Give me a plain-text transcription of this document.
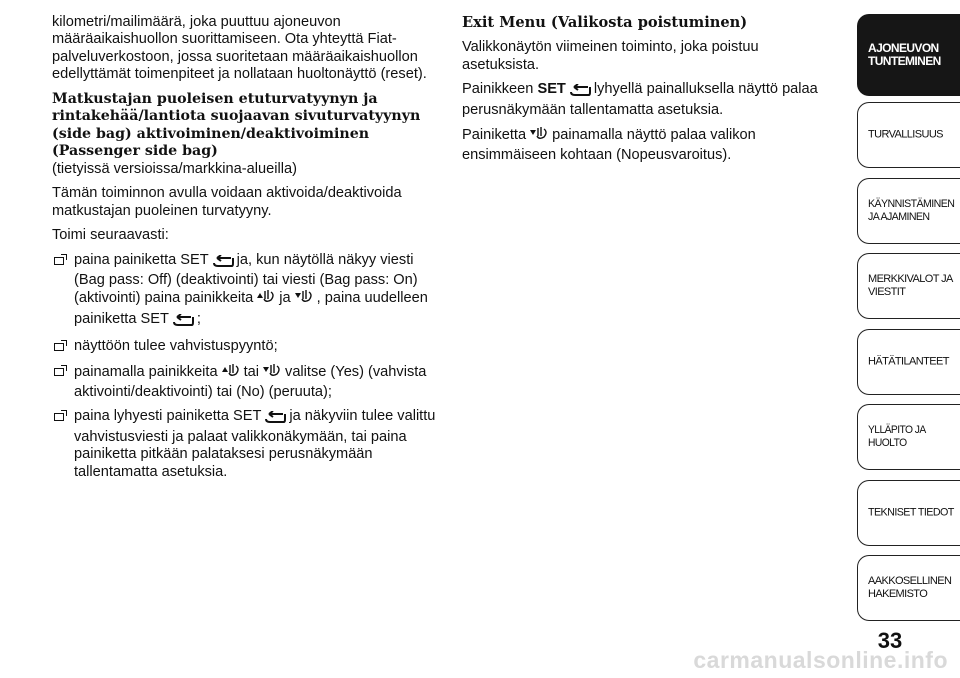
kilometri/mailimäärä, joka puuttuu ajoneuvon määräaikaishuollon suorittamiseen. Ota yhteyttä Fiat-palveluverkostoon, jossa suoritetaan määräaikaishuollon edellyttämät toimenpiteet ja nollataan huoltonäyttö (reset).

Matkustajan puoleisen etuturvatyynyn ja rintakehää/lantiota suojaavan sivuturvatyynyn (side bag) aktivoiminen/deaktivoiminen (Passenger side bag)

(tietyissä versioissa/markkina-alueilla)

Tämän toiminnon avulla voidaan aktivoida/deaktivoida matkustajan puoleinen turvatyyny.

Toimi seuraavasti:

paina painiketta SET ja, kun näytöllä näkyy viesti (Bag pass: Off) (deaktivointi) tai viesti (Bag pass: On) (aktivointi) paina painikkeita ja , paina uudelleen painiketta SET ;
näyttöön tulee vahvistuspyyntö;
painamalla painikkeita tai valitse (Yes) (vahvista aktivointi/deaktivointi) tai (No) (peruuta);
paina lyhyesti painiketta SET ja näkyviin tulee valittu vahvistusviesti ja palaat valikkonäkymään, tai paina painiketta pitkään palataksesi perusnäkymään tallentamatta asetuksia.
Exit Menu (Valikosta poistuminen)

Valikkonäytön viimeinen toiminto, joka poistuu asetuksista.

Painikkeen SET lyhyellä painalluksella näyttö palaa perusnäkymään tallentamatta asetuksia.

Painiketta painamalla näyttö palaa valikon ensimmäiseen kohtaan (Nopeusvaroitus).

AJONEUVON
TUNTEMINEN
TURVALLISUUS
KÄYNNISTÄMINEN
JA AJAMINEN
MERKKIVALOT JA
VIESTIT
HÄTÄTILANTEET
YLLÄPITO JA HUOLTO
TEKNISET TIEDOT
AAKKOSELLINEN
HAKEMISTO
33
carmanualsonline.info
